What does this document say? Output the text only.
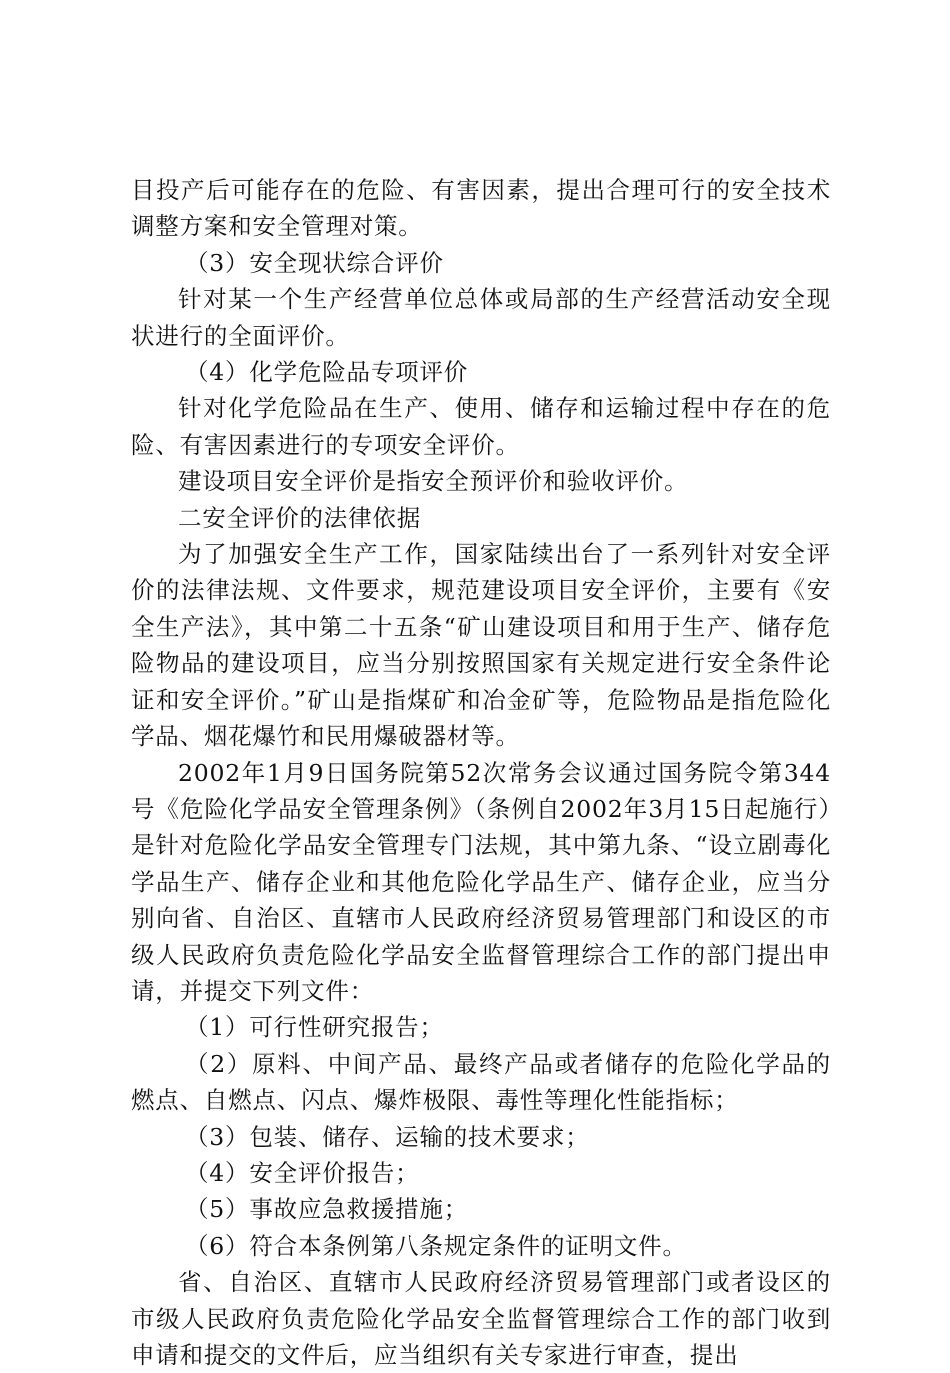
目投产后可能存在的危险、有害因素，提出合理可行的安全技术调整方案和安全管理对策。

（3）安全现状综合评价

针对某一个生产经营单位总体或局部的生产经营活动安全现状进行的全面评价。

（4）化学危险品专项评价

针对化学危险品在生产、使用、储存和运输过程中存在的危险、有害因素进行的专项安全评价。

建设项目安全评价是指安全预评价和验收评价。

二安全评价的法律依据

为了加强安全生产工作，国家陆续出台了一系列针对安全评价的法律法规、文件要求，规范建设项目安全评价，主要有《安全生产法》，其中第二十五条“矿山建设项目和用于生产、储存危险物品的建设项目，应当分别按照国家有关规定进行安全条件论证和安全评价。”矿山是指煤矿和冶金矿等，危险物品是指危险化学品、烟花爆竹和民用爆破器材等。

2002年1月9日国务院第52次常务会议通过国务院令第344号《危险化学品安全管理条例》（条例自2002年3月15日起施行）是针对危险化学品安全管理专门法规，其中第九条、“设立剧毒化学品生产、储存企业和其他危险化学品生产、储存企业，应当分别向省、自治区、直辖市人民政府经济贸易管理部门和设区的市级人民政府负责危险化学品安全监督管理综合工作的部门提出申请，并提交下列文件：

（1）可行性研究报告；

（2）原料、中间产品、最终产品或者储存的危险化学品的燃点、自燃点、闪点、爆炸极限、毒性等理化性能指标；

（3）包装、储存、运输的技术要求；

（4）安全评价报告；

（5）事故应急救援措施；

（6）符合本条例第八条规定条件的证明文件。

省、自治区、直辖市人民政府经济贸易管理部门或者设区的市级人民政府负责危险化学品安全监督管理综合工作的部门收到申请和提交的文件后，应当组织有关专家进行审查，提出
